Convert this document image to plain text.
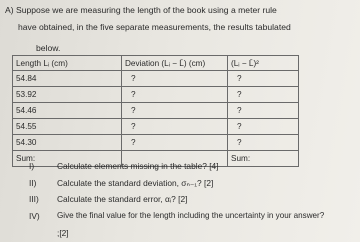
A) Suppose we are measuring the length of the book using a meter rule
have obtained, in the five separate measurements, the results tabulated
below.
Length Lᵢ (cm)	Deviation (Lᵢ − L̄) (cm)	(Lᵢ − L̄)²
54.84	?	?
53.92	?	?
54.46	?	?
54.55	?	?
54.30	?	?
Sum:		Sum:
I)	Calculate elements missing in the table? [4]
II) Calculate the standard deviation, σₙ₋₁? [2]
III) Calculate the standard error, αᵢ? [2]
IV) Give the final value for the length including the uncertainty in your answer?
;[2]
